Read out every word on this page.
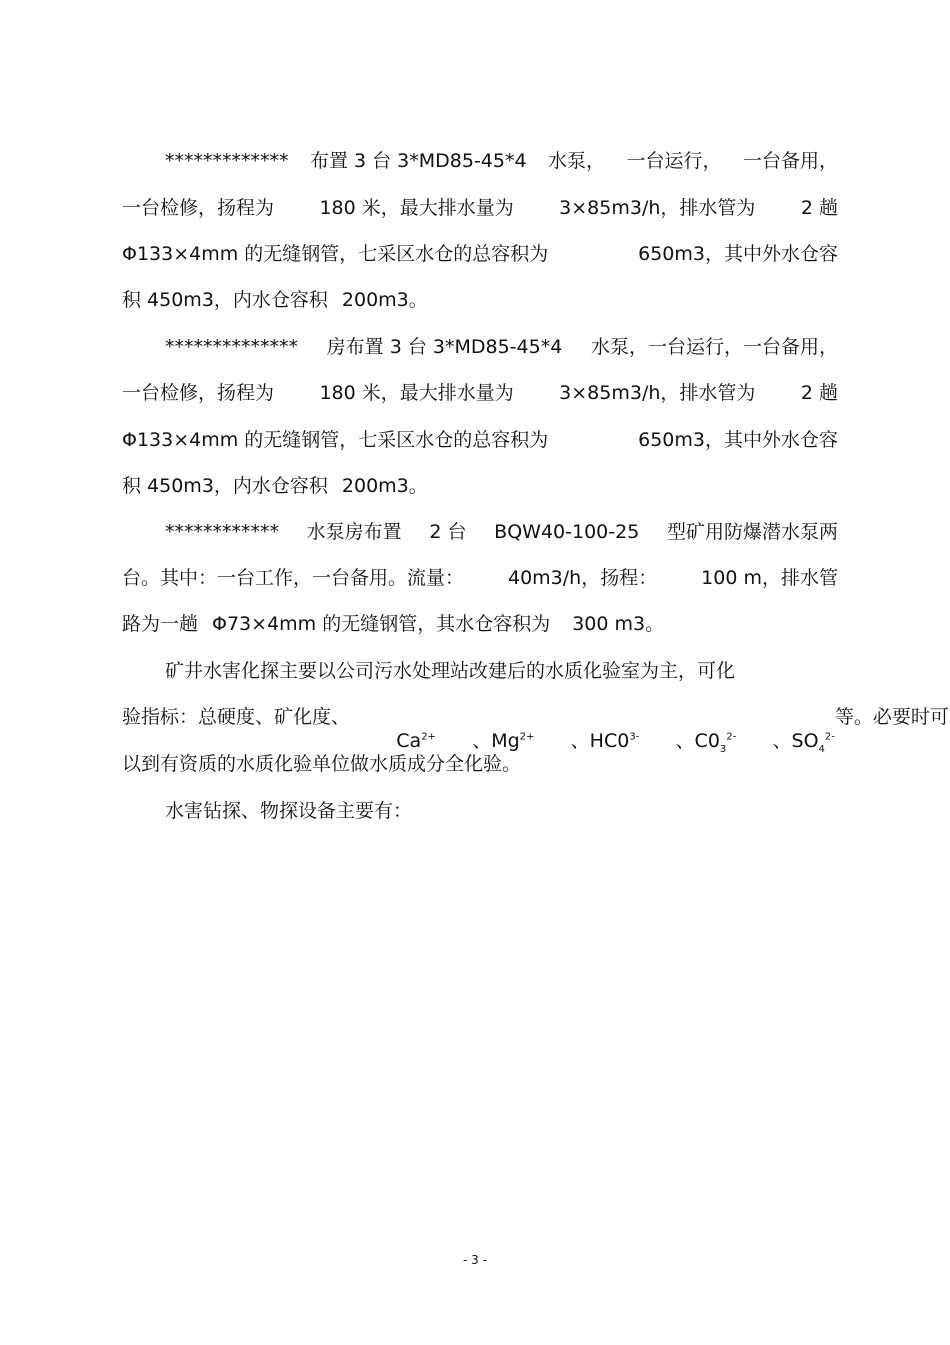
************* 布置 3 台 3*MD85-45*4 水泵， 一台运行， 一台备用，
一台检修，扬程为 180 米，最大排水量为 3×85m3/h，排水管为 2 趟
Φ133×4mm 的无缝钢管，七采区水仓的总容积为	650m3，其中外水仓容
积 450m3，内水仓容积 200m3。
************** 房布置 3 台 3*MD85-45*4 水泵，一台运行，一台备用，
一台检修，扬程为 180 米，最大排水量为 3×85m3/h，排水管为 2 趟
Φ133×4mm 的无缝钢管，七采区水仓的总容积为	650m3，其中外水仓容
积 450m3，内水仓容积 200m3。
************ 水泵房布置 2 台 BQW40-100-25 型矿用防爆潜水泵两
台。其中：一台工作，一台备用。流量： 40m3/h，扬程： 100 m，排水管
路为一趟 Φ73×4mm 的无缝钢管，其水仓容积为 300 m3。
矿井水害化探主要以公司污水处理站改建后的水质化验室为主，可化
验指标：总硬度、矿化度、

$Ca^{2+}$
	、$Mg^{2+}$
	、$HC0^{3-}$
	、$C0_3^{2-}$
	、$SO_4^{2-}$

等。必要时可
以到有资质的水质化验单位做水质成分全化验。
水害钻探、物探设备主要有：
- 3 -
